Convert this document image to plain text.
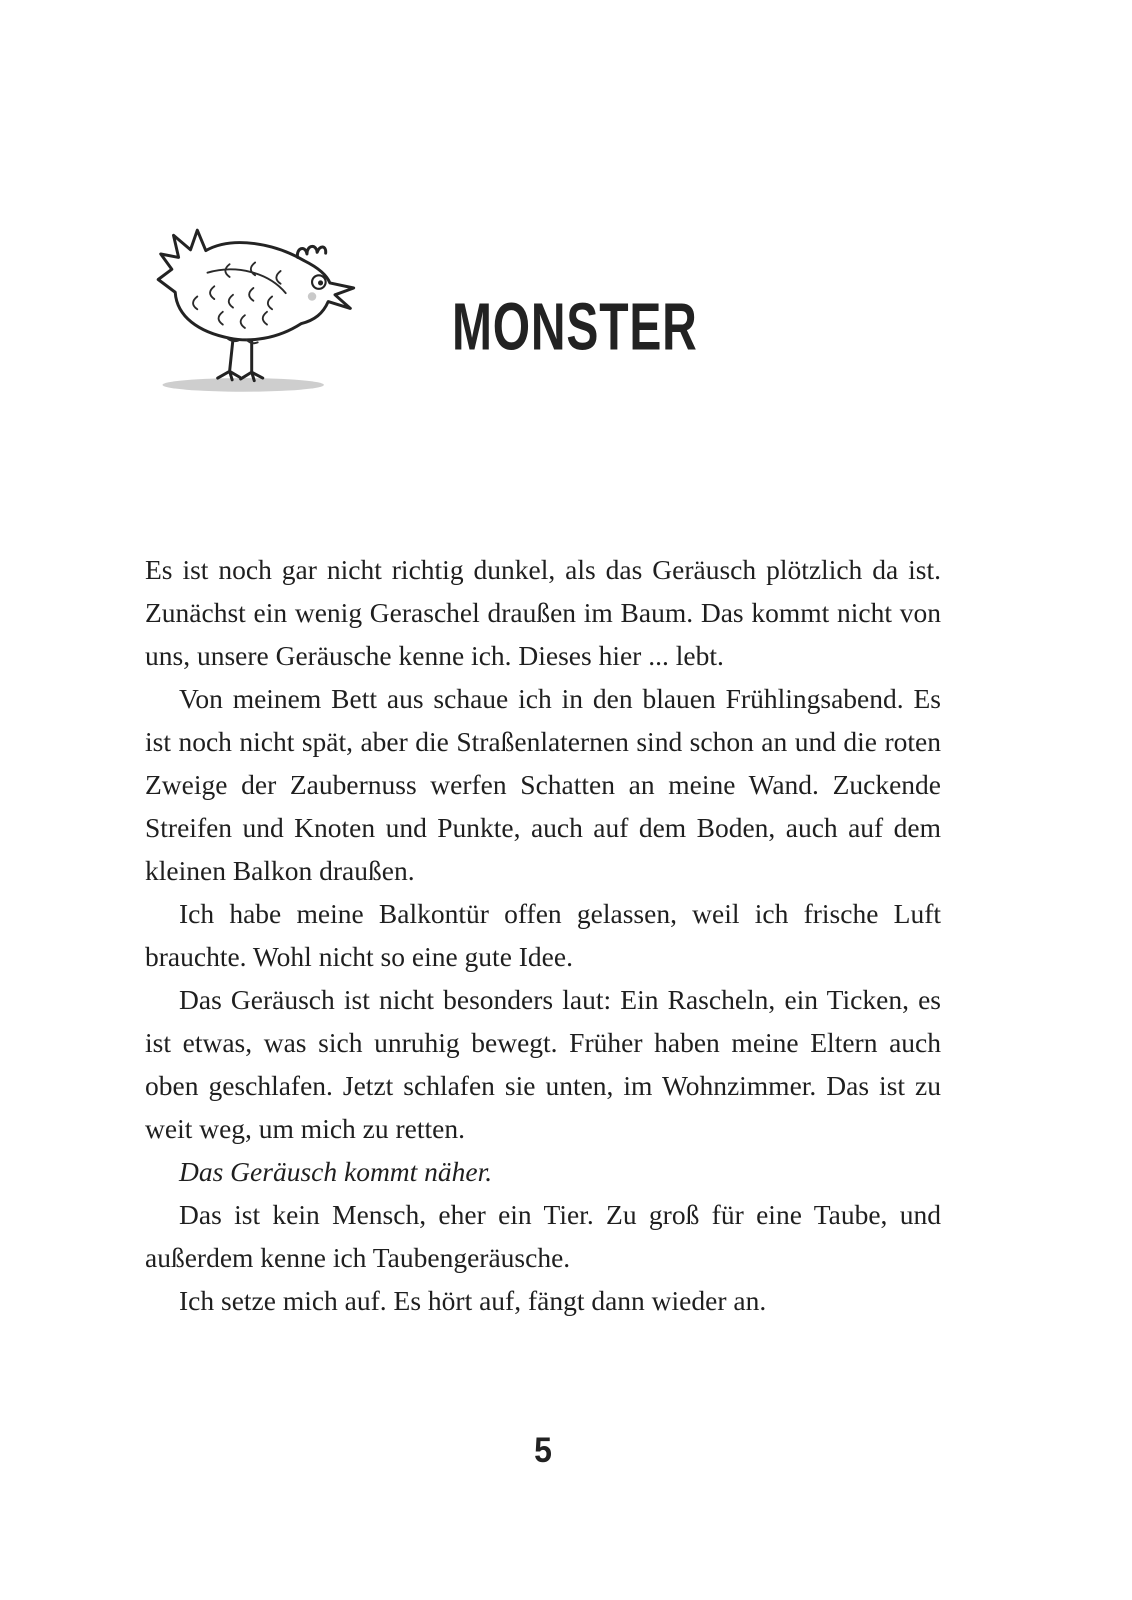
MONSTER

Es ist noch gar nicht richtig dunkel, als das Geräusch plötzlich da ist. Zunächst ein wenig Geraschel draußen im Baum. Das kommt nicht von uns, unsere Geräusche kenne ich. Dieses hier ... lebt.

Von meinem Bett aus schaue ich in den blauen Frühlingsabend. Es ist noch nicht spät, aber die Straßenlaternen sind schon an und die roten Zweige der Zaubernuss werfen Schatten an meine Wand. Zuckende Streifen und Knoten und Punkte, auch auf dem Boden, auch auf dem kleinen Balkon draußen.

Ich habe meine Balkontür offen gelassen, weil ich frische Luft brauchte. Wohl nicht so eine gute Idee.

Das Geräusch ist nicht besonders laut: Ein Rascheln, ein Ticken, es ist etwas, was sich unruhig bewegt. Früher haben meine Eltern auch oben geschlafen. Jetzt schlafen sie unten, im Wohnzimmer. Das ist zu weit weg, um mich zu retten.

Das Geräusch kommt näher.

Das ist kein Mensch, eher ein Tier. Zu groß für eine Taube, und außerdem kenne ich Taubengeräusche.

Ich setze mich auf. Es hört auf, fängt dann wieder an.

5
